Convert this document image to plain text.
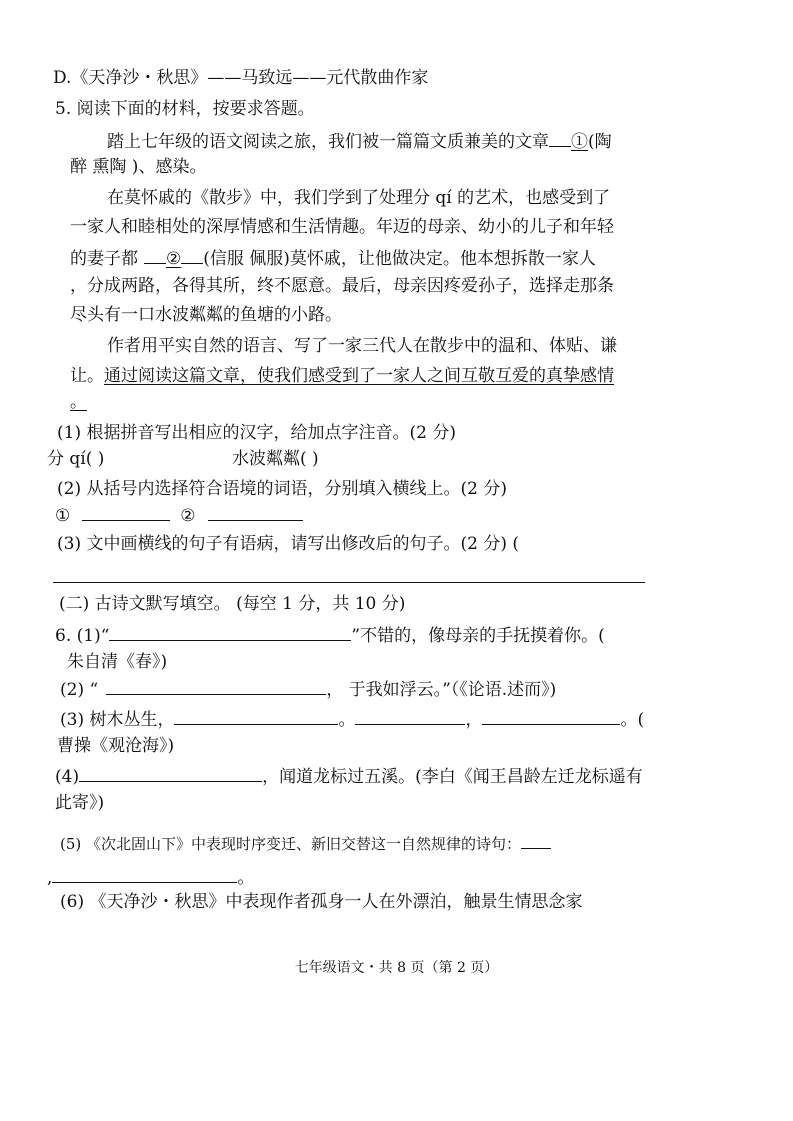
D.《天净沙・秋思》——马致远——元代散曲作家
5. 阅读下面的材料，按要求答题。
踏上七年级的语文阅读之旅，我们被一篇篇文质兼美的文章 ①(陶
醉 熏陶 )、感染。
在莫怀戚的《散步》中，我们学到了处理分 qí 的艺术，也感受到了
一家人和睦相处的深厚情感和生活情趣。年迈的母亲、幼小的儿子和年轻
的妻子都 ② (信服 佩服)莫怀戚，让他做决定。他本想拆散一家人
，分成两路，各得其所，终不愿意。最后，母亲因疼爱孙子，选择走那条
尽头有一口水波粼粼的鱼塘的小路。
作者用平实自然的语言、写了一家三代人在散步中的温和、体贴、谦
让。通过阅读这篇文章，使我们感受到了一家人之间互敬互爱的真挚感情
。
(1) 根据拼音写出相应的汉字，给加点字注音。(2 分)
分 qí( )	水波粼粼( )
(2) 从括号内选择符合语境的词语，分别填入横线上。(2 分)
①	②
(3) 文中画横线的句子有语病，请写出修改后的句子。(2 分) (
(二) 古诗文默写填空。 (每空 1 分，共 10 分)
6. (1)“	”不错的，像母亲的手抚摸着你。(
朱自清《春》)
(2) “	， 于我如浮云。”（《论语.述而》)
(3) 树木丛生，	。	，	。(
曹操《观沧海》)
(4)	，闻道龙标过五溪。(李白《闻王昌龄左迁龙标遥有
此寄》)
(5) 《次北固山下》中表现时序变迁、新旧交替这一自然规律的诗句：
,	。
(6) 《天净沙・秋思》中表现作者孤身一人在外漂泊，触景生情思念家
七年级语文・共 8 页（第 2 页）
